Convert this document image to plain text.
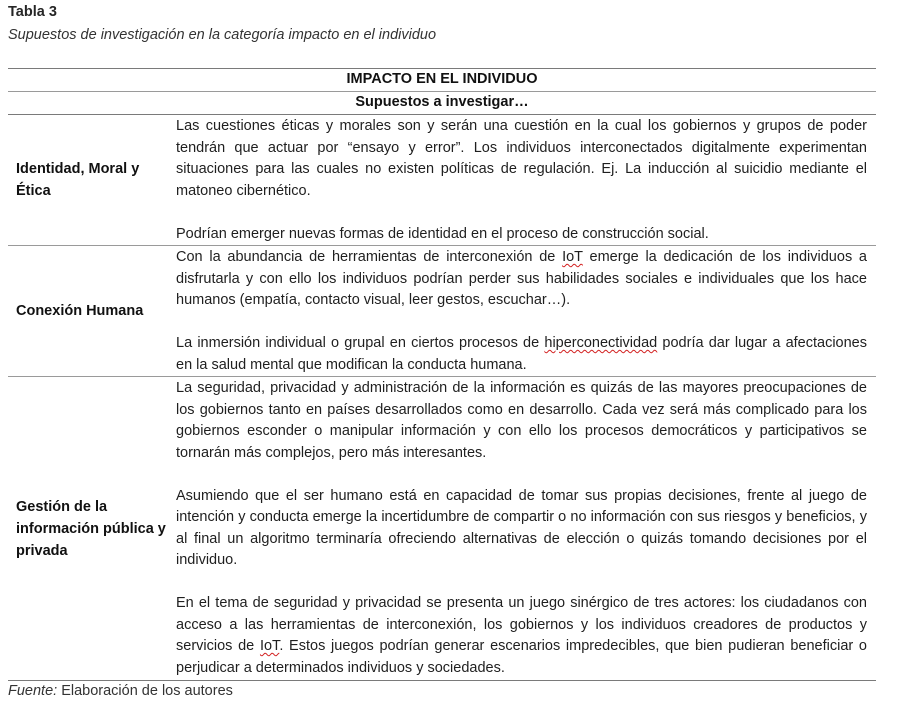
Tabla 3
Supuestos de investigación en la categoría impacto en el individuo
IMPACTO EN EL INDIVIDUO
Supuestos a investigar…
Identidad, Moral y Ética

Las cuestiones éticas y morales son y serán una cuestión en la cual los gobiernos y grupos de poder tendrán que actuar por “ensayo y error”. Los individuos interconectados digitalmente experimentan situaciones para las cuales no existen políticas de regulación. Ej. La inducción al suicidio mediante el matoneo cibernético.

Podrían emerger nuevas formas de identidad en el proceso de construcción social.

Conexión Humana

Con la abundancia de herramientas de interconexión de IoT emerge la dedicación de los individuos a disfrutarla y con ello los individuos podrían perder sus habilidades sociales e individuales que los hace humanos (empatía, contacto visual, leer gestos, escuchar…).

La inmersión individual o grupal en ciertos procesos de hiperconectividad podría dar lugar a afectaciones en la salud mental que modifican la conducta humana.

Gestión de la información pública y privada

La seguridad, privacidad y administración de la información es quizás de las mayores preocupaciones de los gobiernos tanto en países desarrollados como en desarrollo. Cada vez será más complicado para los gobiernos esconder o manipular información y con ello los procesos democráticos y participativos se tornarán más complejos, pero más interesantes.

Asumiendo que el ser humano está en capacidad de tomar sus propias decisiones, frente al juego de intención y conducta emerge la incertidumbre de compartir o no información con sus riesgos y beneficios, y al final un algoritmo terminaría ofreciendo alternativas de elección o quizás tomando decisiones por el individuo.

En el tema de seguridad y privacidad se presenta un juego sinérgico de tres actores: los ciudadanos con acceso a las herramientas de interconexión, los gobiernos y los individuos creadores de productos y servicios de IoT. Estos juegos podrían generar escenarios impredecibles, que bien pudieran beneficiar o perjudicar a determinados individuos y sociedades.

Fuente: Elaboración de los autores
